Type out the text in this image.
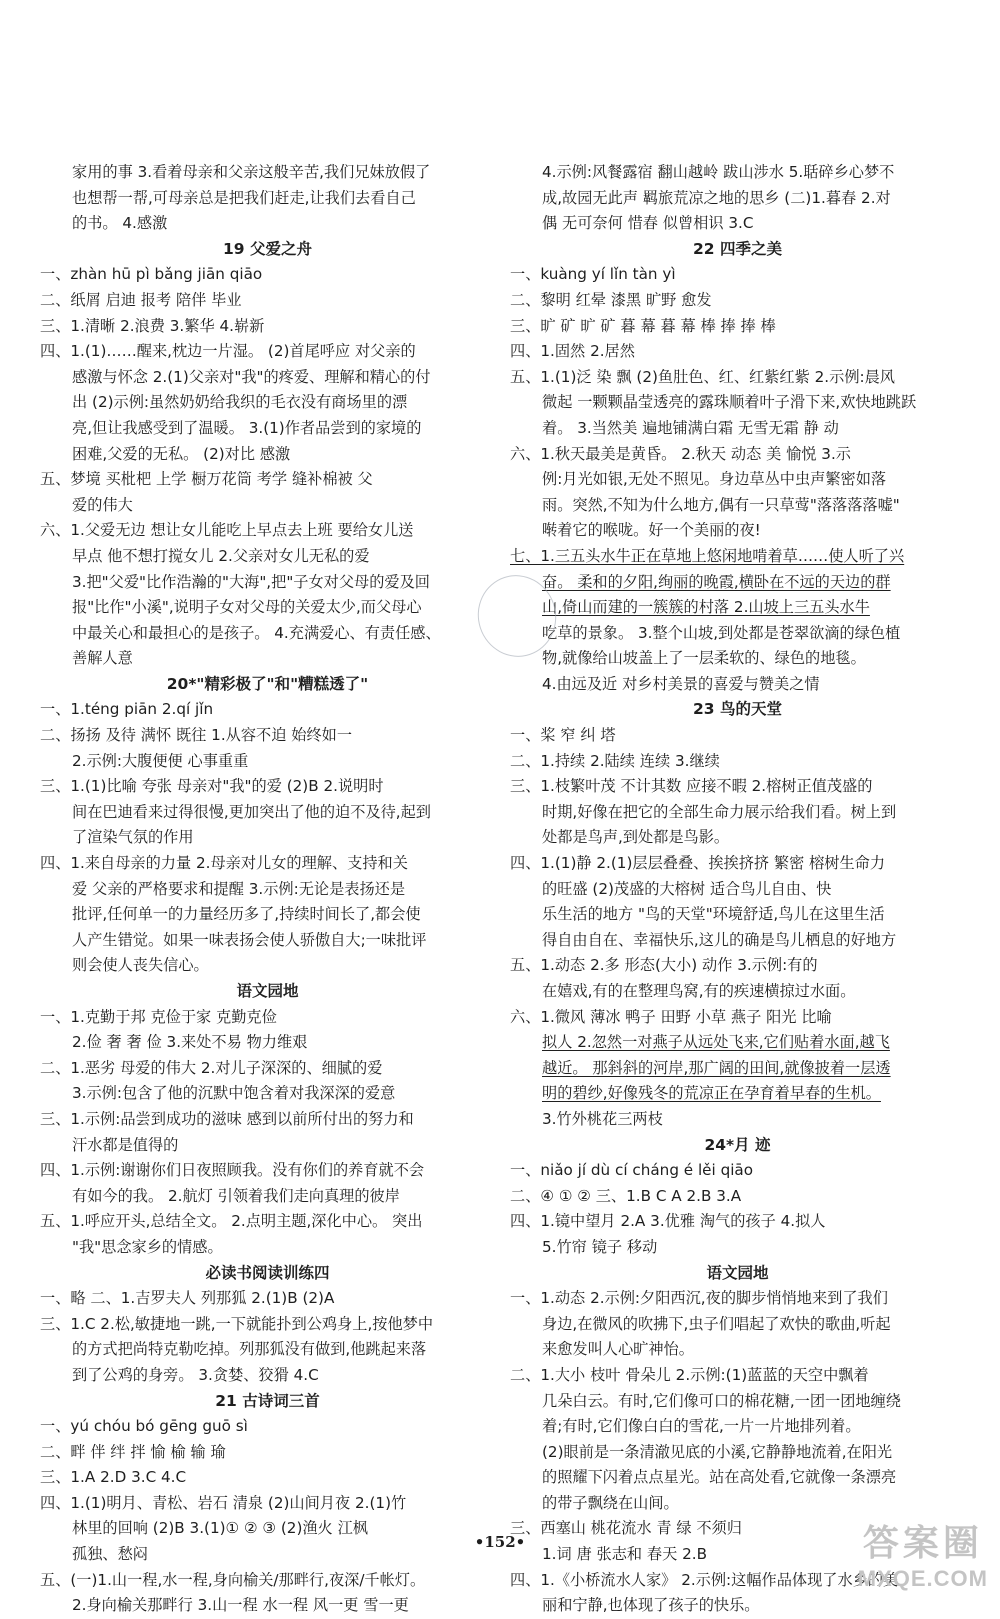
家用的事 3.看着母亲和父亲这般辛苦,我们兄妹放假了

也想帮一帮,可母亲总是把我们赶走,让我们去看自己

的书。 4.感激

19 父爱之舟

一、zhàn hū pì bǎng jiān qiāo

二、纸屑 启迪 报考 陪伴 毕业

三、1.清晰 2.浪费 3.繁华 4.崭新

四、1.(1)……醒来,枕边一片湿。 (2)首尾呼应 对父亲的

感激与怀念 2.(1)父亲对"我"的疼爱、理解和精心的付

出 (2)示例:虽然奶奶给我织的毛衣没有商场里的漂

亮,但让我感受到了温暖。 3.(1)作者品尝到的家境的

困难,父爱的无私。 (2)对比 感激

五、梦境 买枇杷 上学 橱万花筒 考学 缝补棉被 父

爱的伟大

六、1.父爱无边 想让女儿能吃上早点去上班 要给女儿送

早点 他不想打搅女儿 2.父亲对女儿无私的爱

3.把"父爱"比作浩瀚的"大海",把"子女对父母的爱及回

报"比作"小溪",说明子女对父母的关爱太少,而父母心

中最关心和最担心的是孩子。 4.充满爱心、有责任感、

善解人意

20*"精彩极了"和"糟糕透了"

一、1.téng piān 2.qí jǐn

二、扬扬 及待 满怀 既往 1.从容不迫 始终如一

2.示例:大腹便便 心事重重

三、1.(1)比喻 夸张 母亲对"我"的爱 (2)B 2.说明时

间在巴迪看来过得很慢,更加突出了他的迫不及待,起到

了渲染气氛的作用

四、1.来自母亲的力量 2.母亲对儿女的理解、支持和关

爱 父亲的严格要求和提醒 3.示例:无论是表扬还是

批评,任何单一的力量经历多了,持续时间长了,都会使

人产生错觉。如果一味表扬会使人骄傲自大;一味批评

则会使人丧失信心。

语文园地

一、1.克勤于邦 克俭于家 克勤克俭

2.俭 奢 奢 俭 3.来处不易 物力维艰

二、1.恶劣 母爱的伟大 2.对儿子深深的、细腻的爱

3.示例:包含了他的沉默中饱含着对我深深的爱意

三、1.示例:品尝到成功的滋味 感到以前所付出的努力和

汗水都是值得的

四、1.示例:谢谢你们日夜照顾我。没有你们的养育就不会

有如今的我。 2.航灯 引领着我们走向真理的彼岸

五、1.呼应开头,总结全文。 2.点明主题,深化中心。 突出

"我"思念家乡的情感。

必读书阅读训练四

一、略 二、1.吉罗夫人 列那狐 2.(1)B (2)A

三、1.C 2.松,敏捷地一跳,一下就能扑到公鸡身上,按他梦中

的方式把尚特克勒吃掉。列那狐没有做到,他跳起来落

到了公鸡的身旁。 3.贪婪、狡猾 4.C

21 古诗词三首

一、yú chóu bó gēng guō sì

二、畔 伴 绊 拌 愉 榆 输 瑜

三、1.A 2.D 3.C 4.C

四、1.(1)明月、青松、岩石 清泉 (2)山间月夜 2.(1)竹

林里的回响 (2)B 3.(1)① ② ③ (2)渔火 江枫

孤独、愁闷

五、(一)1.山一程,水一程,身向榆关/那畔行,夜深/千帐灯。

2.身向榆关那畔行 3.山一程 水一程 风一更 雪一更

4.示例:风餐露宿 翻山越岭 跋山涉水 5.聒碎乡心梦不

成,故园无此声 羁旅荒凉之地的思乡 (二)1.暮春 2.对

偶 无可奈何 惜春 似曾相识 3.C

22 四季之美

一、kuàng yí lǐn tàn yì

二、黎明 红晕 漆黑 旷野 愈发

三、旷 矿 旷 矿 暮 幕 暮 幕 棒 捧 捧 棒

四、1.固然 2.居然

五、1.(1)泛 染 飘 (2)鱼肚色、红、红紫红紫 2.示例:晨风

微起 一颗颗晶莹透亮的露珠顺着叶子滑下来,欢快地跳跃

着。 3.当然美 遍地铺满白霜 无雪无霜 静 动

六、1.秋天最美是黄昏。 2.秋天 动态 美 愉悦 3.示

例:月光如银,无处不照见。身边草丛中虫声繁密如落

雨。突然,不知为什么地方,偶有一只草莺"落落落落嘘"

啭着它的喉咙。好一个美丽的夜!

七、1.三五头水牛正在草地上悠闲地啃着草……使人听了兴

奋。 柔和的夕阳,绚丽的晚霞,横卧在不远的天边的群

山,倚山而建的一簇簇的村落 2.山坡上三五头水牛

吃草的景象。 3.整个山坡,到处都是苍翠欲滴的绿色植

物,就像给山坡盖上了一层柔软的、绿色的地毯。

4.由远及近 对乡村美景的喜爱与赞美之情

23 鸟的天堂

一、桨 窄 纠 塔

二、1.持续 2.陆续 连续 3.继续

三、1.枝繁叶茂 不计其数 应接不暇 2.榕树正值茂盛的

时期,好像在把它的全部生命力展示给我们看。树上到

处都是鸟声,到处都是鸟影。

四、1.(1)静 2.(1)层层叠叠、挨挨挤挤 繁密 榕树生命力

的旺盛 (2)茂盛的大榕树 适合鸟儿自由、快

乐生活的地方 "鸟的天堂"环境舒适,鸟儿在这里生活

得自由自在、幸福快乐,这儿的确是鸟儿栖息的好地方

五、1.动态 2.多 形态(大小) 动作 3.示例:有的

在嬉戏,有的在整理鸟窝,有的疾速横掠过水面。

六、1.微风 薄冰 鸭子 田野 小草 燕子 阳光 比喻

拟人 2.忽然一对燕子从远处飞来,它们贴着水面,越飞

越近。 那斜斜的河岸,那广阔的田间,就像披着一层透

明的碧纱,好像残冬的荒凉正在孕育着早春的生机。

3.竹外桃花三两枝

24*月 迹

一、niǎo jí dù cí cháng é lěi qiāo

二、④ ① ② 三、1.B C A 2.B 3.A

四、1.镜中望月 2.A 3.优雅 淘气的孩子 4.拟人

5.竹帘 镜子 移动

语文园地

一、1.动态 2.示例:夕阳西沉,夜的脚步悄悄地来到了我们

身边,在微风的吹拂下,虫子们唱起了欢快的歌曲,听起

来愈发叫人心旷神怡。

二、1.大小 枝叶 骨朵儿 2.示例:(1)蓝蓝的天空中飘着

几朵白云。有时,它们像可口的棉花糖,一团一团地缠绕

着;有时,它们像白白的雪花,一片一片地排列着。

(2)眼前是一条清澈见底的小溪,它静静地流着,在阳光

的照耀下闪着点点星光。站在高处看,它就像一条漂亮

的带子飘绕在山间。

三、西塞山 桃花流水 青 绿 不须归

1.词 唐 张志和 春天 2.B

四、1.《小桥流水人家》 2.示例:这幅作品体现了水乡的美

丽和宁静,也体现了孩子的快乐。

•152•	答案圈
MXQE.COM
